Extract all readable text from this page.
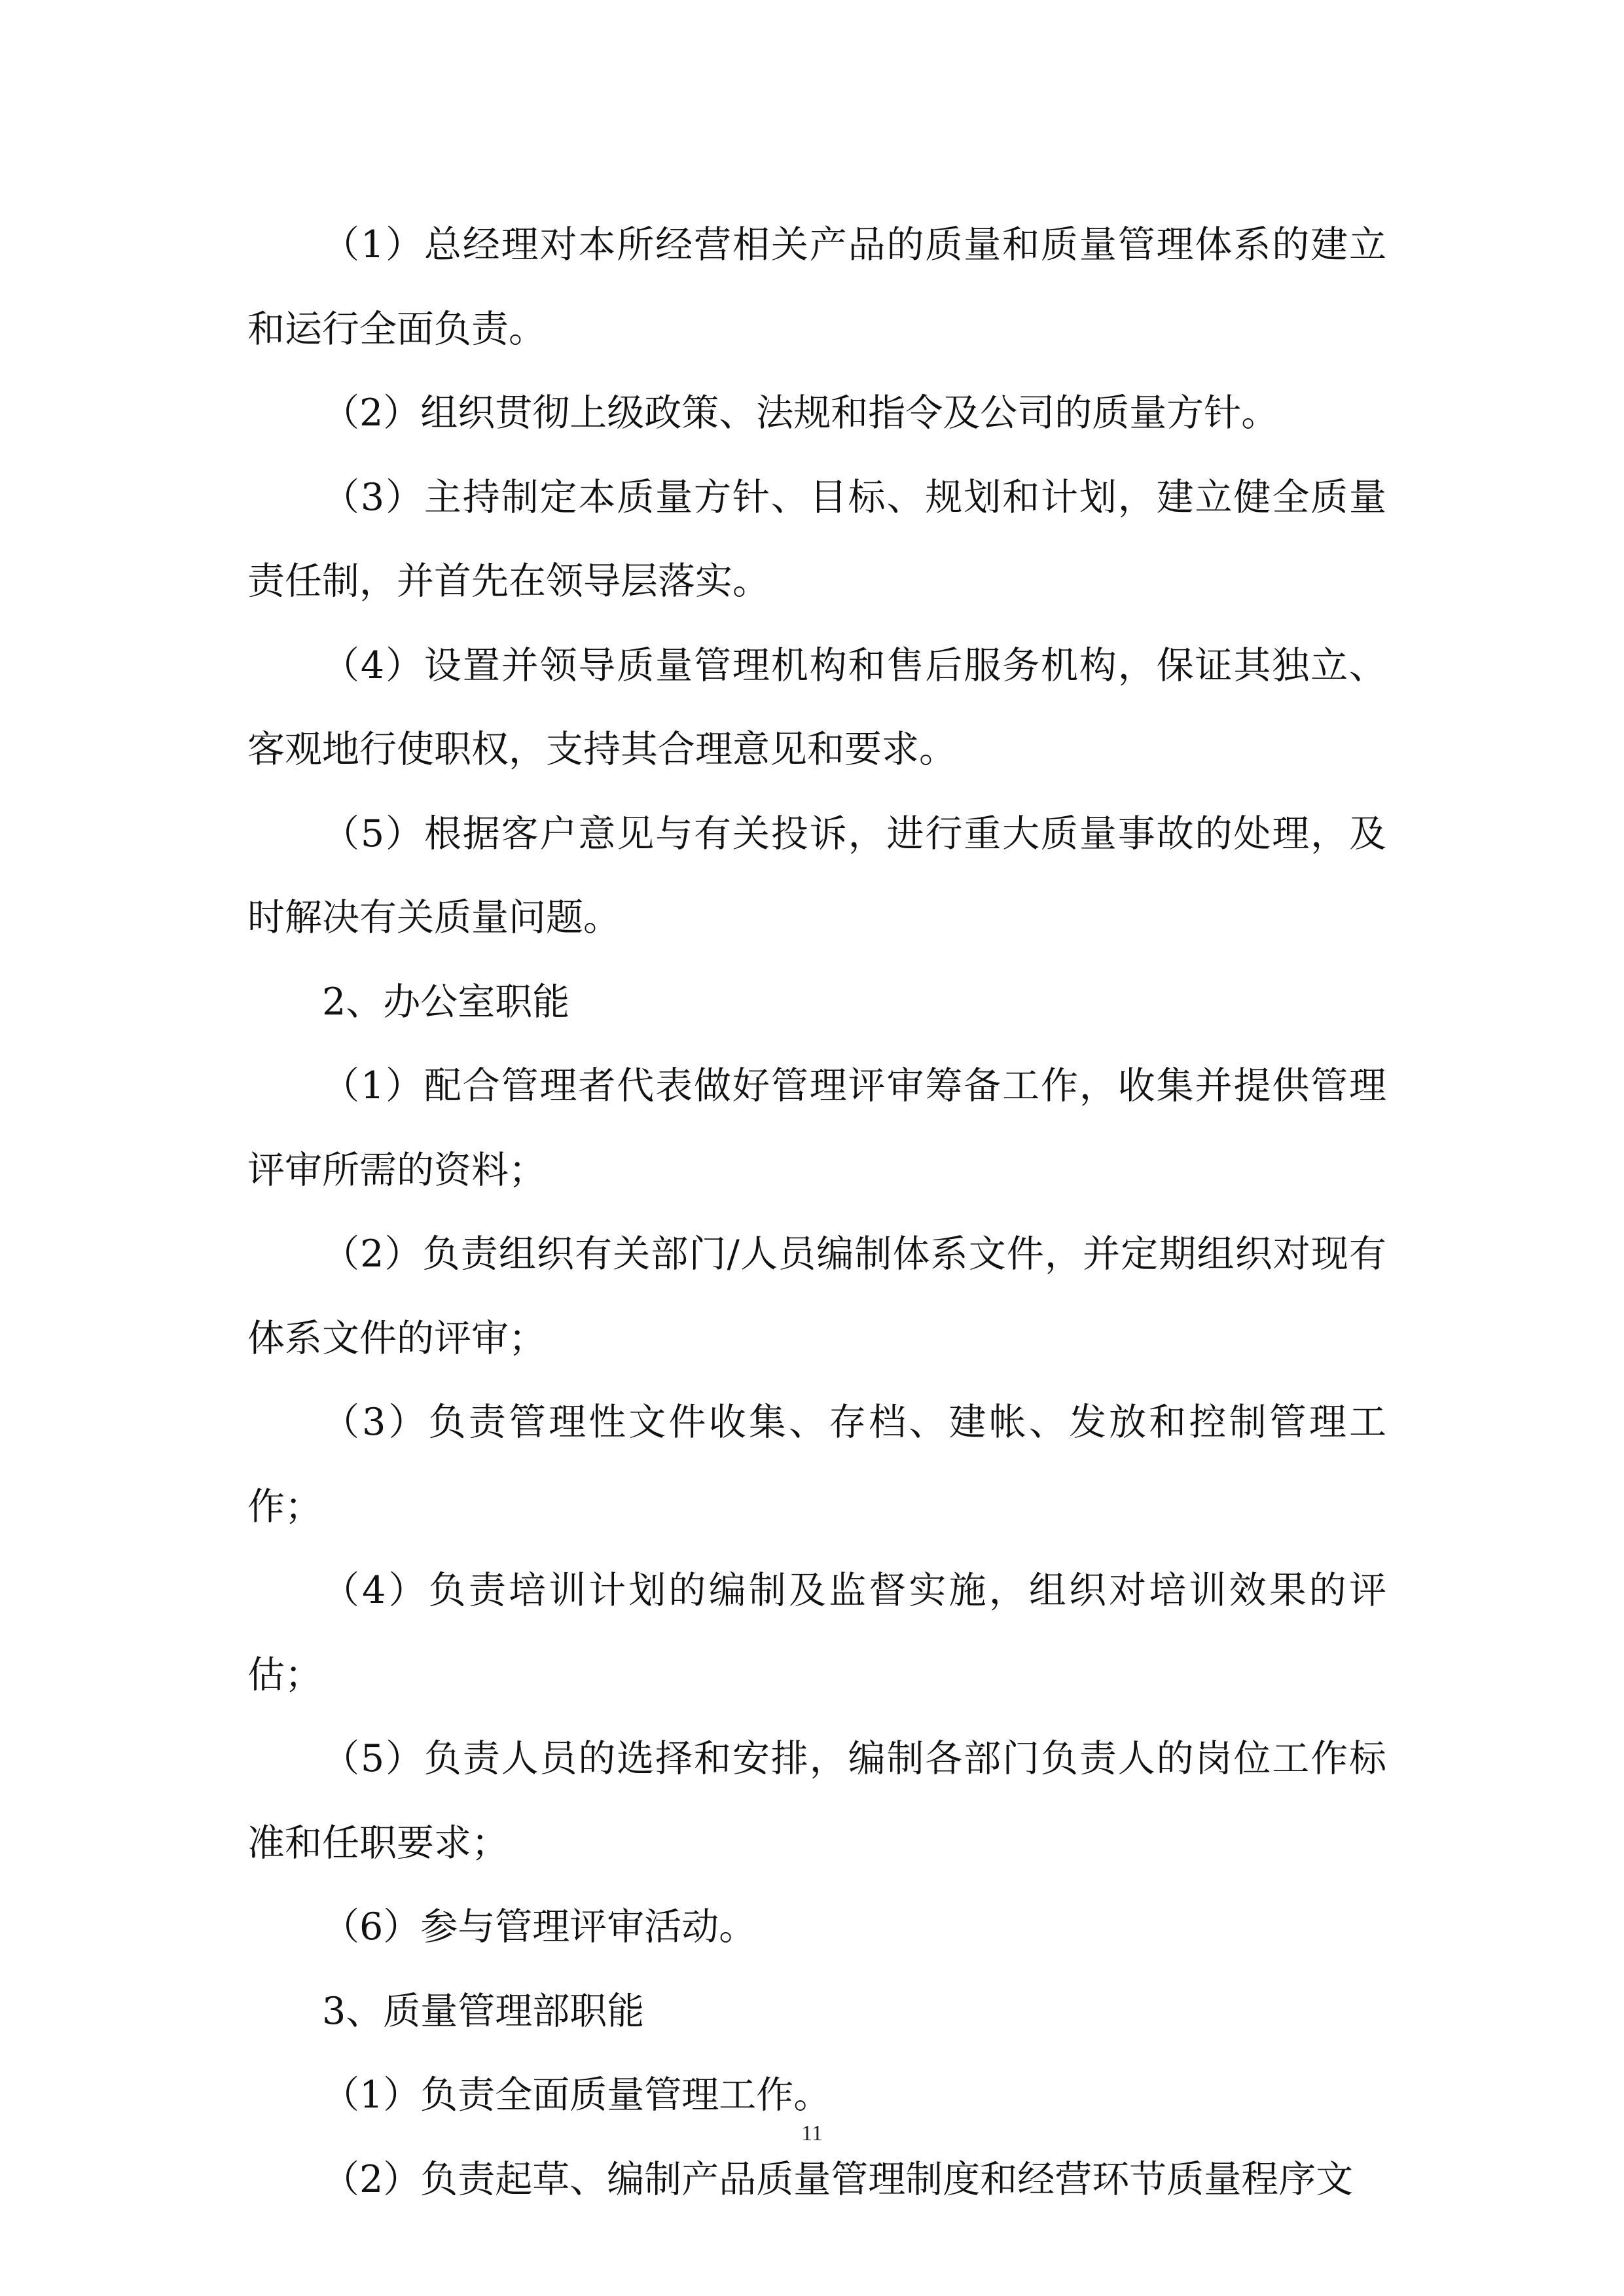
（1）总经理对本所经营相关产品的质量和质量管理体系的建立和运行全面负责。

（2）组织贯彻上级政策、法规和指令及公司的质量方针。

（3）主持制定本质量方针、目标、规划和计划，建立健全质量责任制，并首先在领导层落实。

（4）设置并领导质量管理机构和售后服务机构，保证其独立、客观地行使职权，支持其合理意见和要求。

（5）根据客户意见与有关投诉，进行重大质量事故的处理，及时解决有关质量问题。

2、办公室职能

（1）配合管理者代表做好管理评审筹备工作，收集并提供管理评审所需的资料；

（2）负责组织有关部门/人员编制体系文件，并定期组织对现有体系文件的评审；

（3）负责管理性文件收集、存档、建帐、发放和控制管理工作；

（4）负责培训计划的编制及监督实施，组织对培训效果的评估；

（5）负责人员的选择和安排，编制各部门负责人的岗位工作标准和任职要求；

（6）参与管理评审活动。

3、质量管理部职能

（1）负责全面质量管理工作。

（2）负责起草、编制产品质量管理制度和经营环节质量程序文

11
